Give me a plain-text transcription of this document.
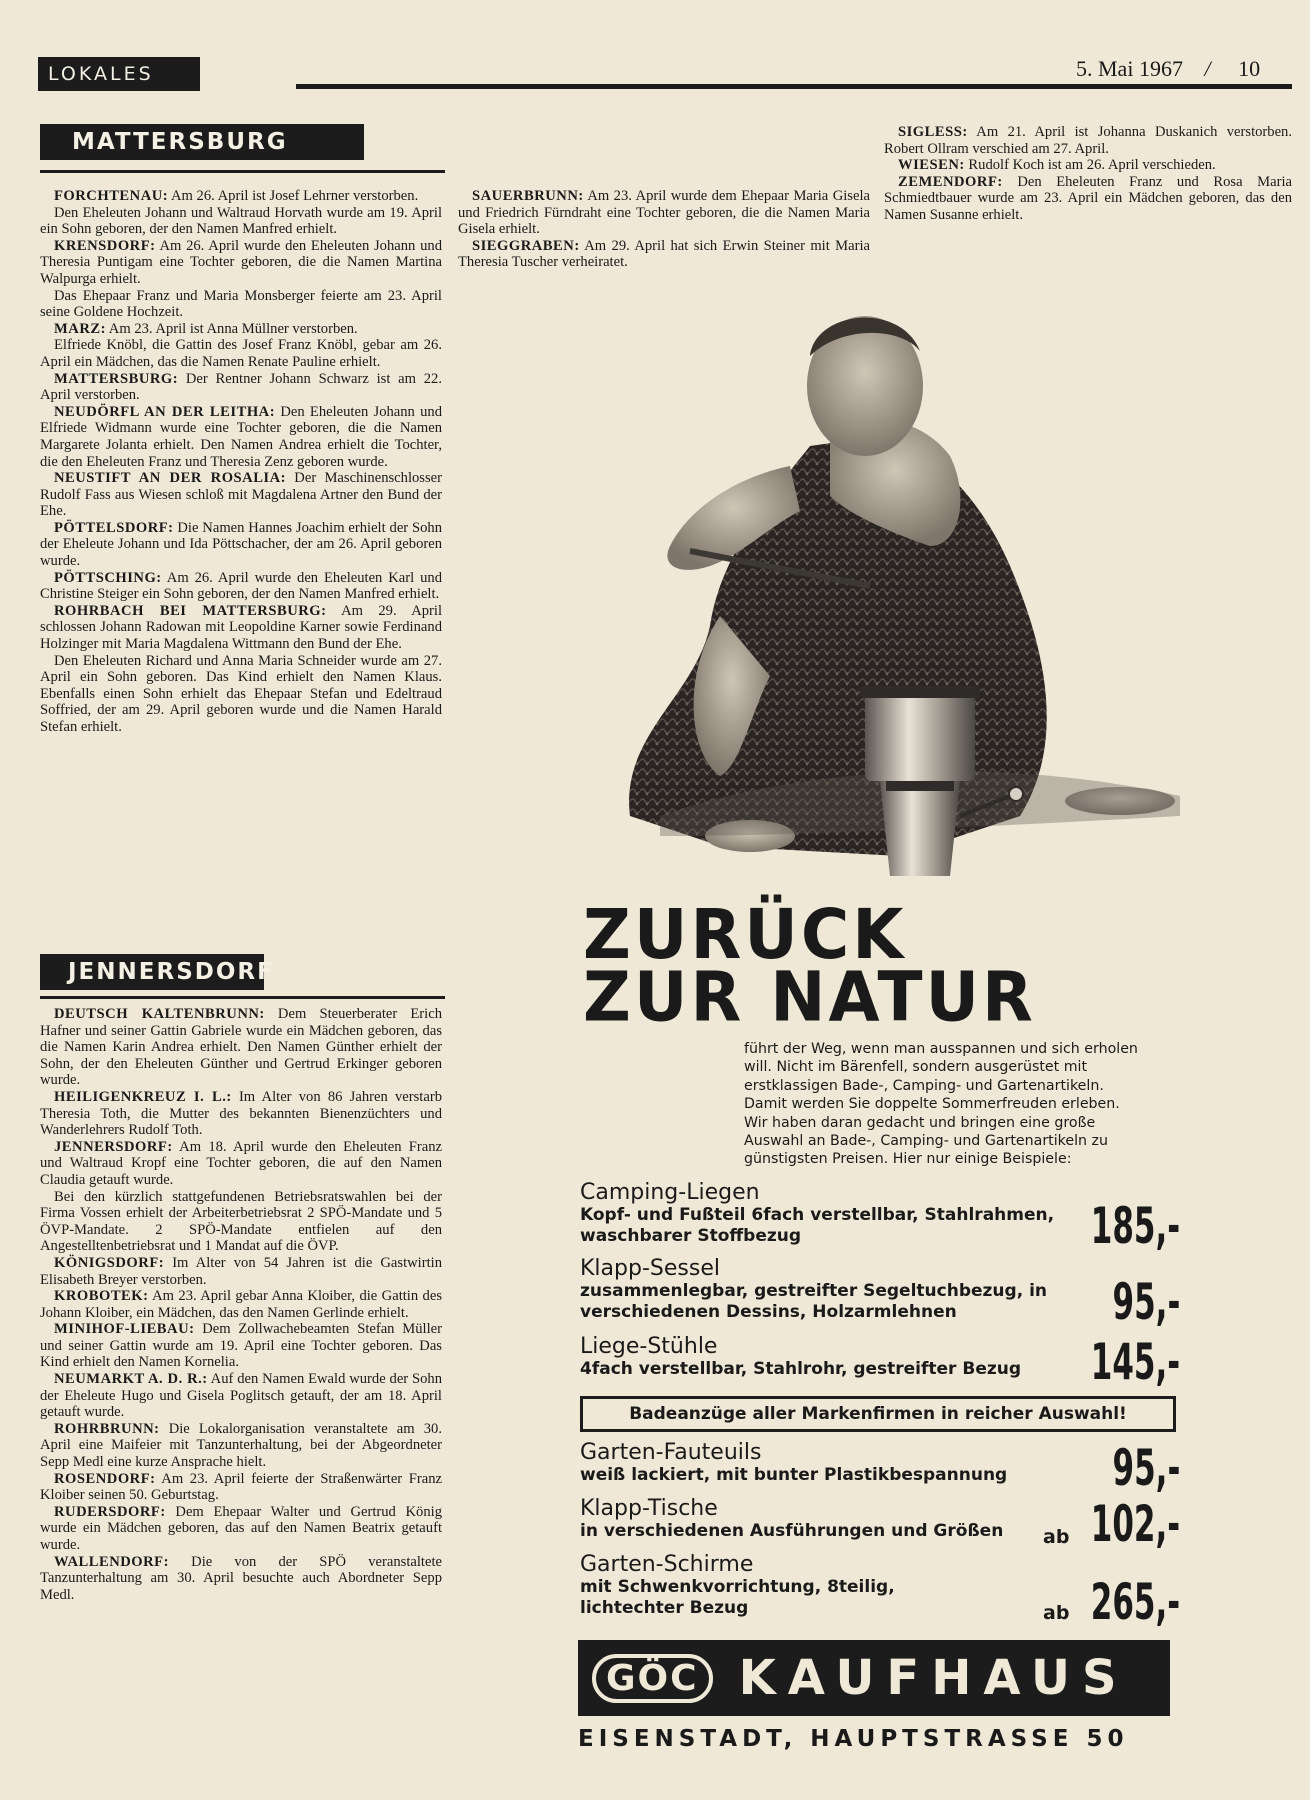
LOKALES	5. Mai 1967 / 10
MATTERSBURG

FORCHTENAU: Am 26. April ist Josef Lehrner verstorben.

Den Eheleuten Johann und Waltraud Horvath wurde am 19. April ein Sohn geboren, der den Namen Manfred erhielt.

KRENSDORF: Am 26. April wurde den Eheleuten Johann und Theresia Puntigam eine Tochter geboren, die die Namen Martina Walpurga erhielt.

Das Ehepaar Franz und Maria Monsberger feierte am 23. April seine Goldene Hochzeit.

MARZ: Am 23. April ist Anna Müllner verstorben.

Elfriede Knöbl, die Gattin des Josef Franz Knöbl, gebar am 26. April ein Mädchen, das die Namen Renate Pauline erhielt.

MATTERSBURG: Der Rentner Johann Schwarz ist am 22. April verstorben.

NEUDÖRFL AN DER LEITHA: Den Eheleuten Johann und Elfriede Widmann wurde eine Tochter geboren, die die Namen Margarete Jolanta erhielt. Den Namen Andrea erhielt die Tochter, die den Eheleuten Franz und Theresia Zenz geboren wurde.

NEUSTIFT AN DER ROSALIA: Der Maschinenschlosser Rudolf Fass aus Wiesen schloß mit Magdalena Artner den Bund der Ehe.

PÖTTELSDORF: Die Namen Hannes Joachim erhielt der Sohn der Eheleute Johann und Ida Pöttschacher, der am 26. April geboren wurde.

PÖTTSCHING: Am 26. April wurde den Eheleuten Karl und Christine Steiger ein Sohn geboren, der den Namen Manfred erhielt.

ROHRBACH BEI MATTERSBURG: Am 29. April schlossen Johann Radowan mit Leopoldine Karner sowie Ferdinand Holzinger mit Maria Magdalena Wittmann den Bund der Ehe.

Den Eheleuten Richard und Anna Maria Schneider wurde am 27. April ein Sohn geboren. Das Kind erhielt den Namen Klaus. Ebenfalls einen Sohn erhielt das Ehepaar Stefan und Edeltraud Soffried, der am 29. April geboren wurde und die Namen Harald Stefan erhielt.

SAUERBRUNN: Am 23. April wurde dem Ehepaar Maria Gisela und Friedrich Fürndraht eine Tochter geboren, die die Namen Maria Gisela erhielt.

SIEGGRABEN: Am 29. April hat sich Erwin Steiner mit Maria Theresia Tuscher verheiratet.

SIGLESS: Am 21. April ist Johanna Duskanich verstorben. Robert Ollram verschied am 27. April.

WIESEN: Rudolf Koch ist am 26. April verschieden.

ZEMENDORF: Den Eheleuten Franz und Rosa Maria Schmiedtbauer wurde am 23. April ein Mädchen geboren, das den Namen Susanne erhielt.

JENNERSDORF

DEUTSCH KALTENBRUNN: Dem Steuerberater Erich Hafner und seiner Gattin Gabriele wurde ein Mädchen geboren, das die Namen Karin Andrea erhielt. Den Namen Günther erhielt der Sohn, der den Eheleuten Günther und Gertrud Erkinger geboren wurde.

HEILIGENKREUZ I. L.: Im Alter von 86 Jahren verstarb Theresia Toth, die Mutter des bekannten Bienenzüchters und Wanderlehrers Rudolf Toth.

JENNERSDORF: Am 18. April wurde den Eheleuten Franz und Waltraud Kropf eine Tochter geboren, die auf den Namen Claudia getauft wurde.

Bei den kürzlich stattgefundenen Betriebsratswahlen bei der Firma Vossen erhielt der Arbeiterbetriebsrat 2 SPÖ-Mandate und 5 ÖVP-Mandate. 2 SPÖ-Mandate entfielen auf den Angestelltenbetriebsrat und 1 Mandat auf die ÖVP.

KÖNIGSDORF: Im Alter von 54 Jahren ist die Gastwirtin Elisabeth Breyer verstorben.

KROBOTEK: Am 23. April gebar Anna Kloiber, die Gattin des Johann Kloiber, ein Mädchen, das den Namen Gerlinde erhielt.

MINIHOF-LIEBAU: Dem Zollwachebeamten Stefan Müller und seiner Gattin wurde am 19. April eine Tochter geboren. Das Kind erhielt den Namen Kornelia.

NEUMARKT A. D. R.: Auf den Namen Ewald wurde der Sohn der Eheleute Hugo und Gisela Poglitsch getauft, der am 18. April getauft wurde.

ROHRBRUNN: Die Lokalorganisation veranstaltete am 30. April eine Maifeier mit Tanzunterhaltung, bei der Abgeordneter Sepp Medl eine kurze Ansprache hielt.

ROSENDORF: Am 23. April feierte der Straßenwärter Franz Kloiber seinen 50. Geburtstag.

RUDERSDORF: Dem Ehepaar Walter und Gertrud König wurde ein Mädchen geboren, das auf den Namen Beatrix getauft wurde.

WALLENDORF: Die von der SPÖ veranstaltete Tanzunterhaltung am 30. April besuchte auch Abordneter Sepp Medl.

ZURÜCK
ZUR NATUR
führt der Weg, wenn man ausspannen und sich erholen will. Nicht im Bärenfell, sondern ausgerüstet mit erstklassigen Bade-, Camping- und Gartenartikeln. Damit werden Sie doppelte Sommerfreuden erleben. Wir haben daran gedacht und bringen eine große Auswahl an Bade-, Camping- und Gartenartikeln zu günstigsten Preisen. Hier nur einige Beispiele:
Camping-Liegen
Kopf- und Fußteil 6fach verstellbar, Stahlrahmen, waschbarer Stoffbezug	185,-
Klapp-Sessel
zusammenlegbar, gestreifter Segeltuchbezug, in verschiedenen Dessins, Holzarmlehnen	95,-
Liege-Stühle
4fach verstellbar, Stahlrohr, gestreifter Bezug	145,-
Badeanzüge aller Markenfirmen in reicher Auswahl!
Garten-Fauteuils
weiß lackiert, mit bunter Plastikbespannung	95,-
Klapp-Tische
in verschiedenen Ausführungen und Größen	ab 102,-
Garten-Schirme
mit Schwenkvorrichtung, 8teilig, lichtechter Bezug	ab 265,-
GÖC KAUFHAUS
EISENSTADT, HAUPTSTRASSE 50
